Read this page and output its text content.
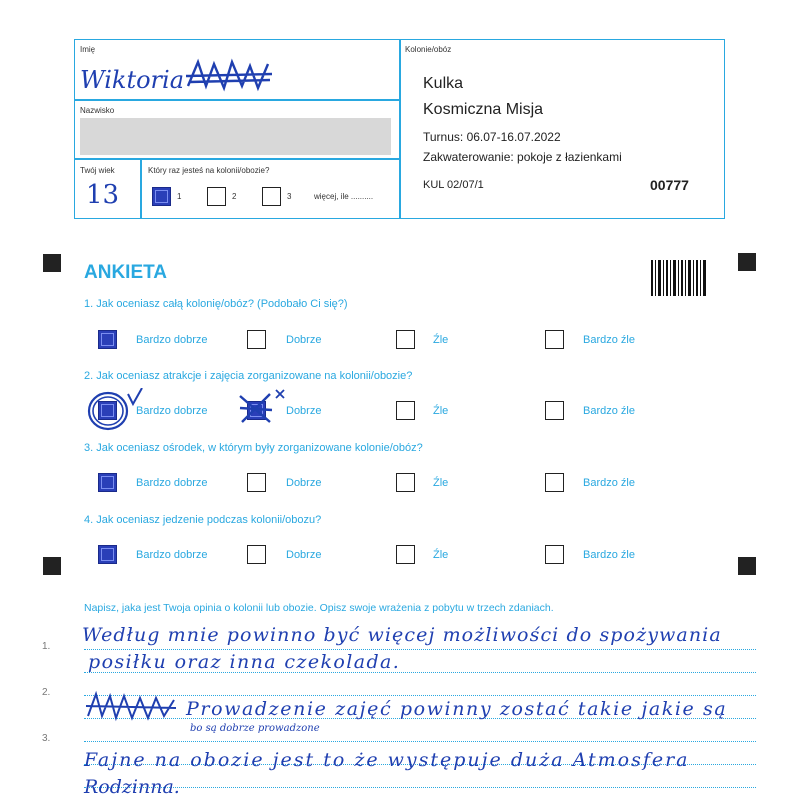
Imię
Wiktoria
Nazwisko
Twój wiek
13
Który raz jesteś na kolonii/obozie?
1	2	3	więcej, ile ..........
Kolonie/obóz
Kulka
Kosmiczna Misja
Turnus: 06.07-16.07.2022
Zakwaterowanie: pokoje z łazienkami
KUL 02/07/1	00777
ANKIETA
1. Jak oceniasz całą kolonię/obóz? (Podobało Ci się?)
Bardzo dobrze	Dobrze	Źle	Bardzo źle
2. Jak oceniasz atrakcje i zajęcia zorganizowane na kolonii/obozie?
Bardzo dobrze	Dobrze	Źle	Bardzo źle
3. Jak oceniasz ośrodek, w którym były zorganizowane kolonie/obóz?
Bardzo dobrze	Dobrze	Źle	Bardzo źle
4. Jak oceniasz jedzenie podczas kolonii/obozu?
Bardzo dobrze	Dobrze	Źle	Bardzo źle
Napisz, jaka jest Twoja opinia o kolonii lub obozie. Opisz swoje wrażenia z pobytu w trzech zdaniach.
1.
2.
3.
Według mnie powinno być więcej możliwości do spożywania
posiłku oraz inna czekolada.
Prowadzenie zajęć powinny zostać takie jakie są
bo są dobrze prowadzone
Fajne na obozie jest to że występuje duża Atmosfera
Rodzinna.
